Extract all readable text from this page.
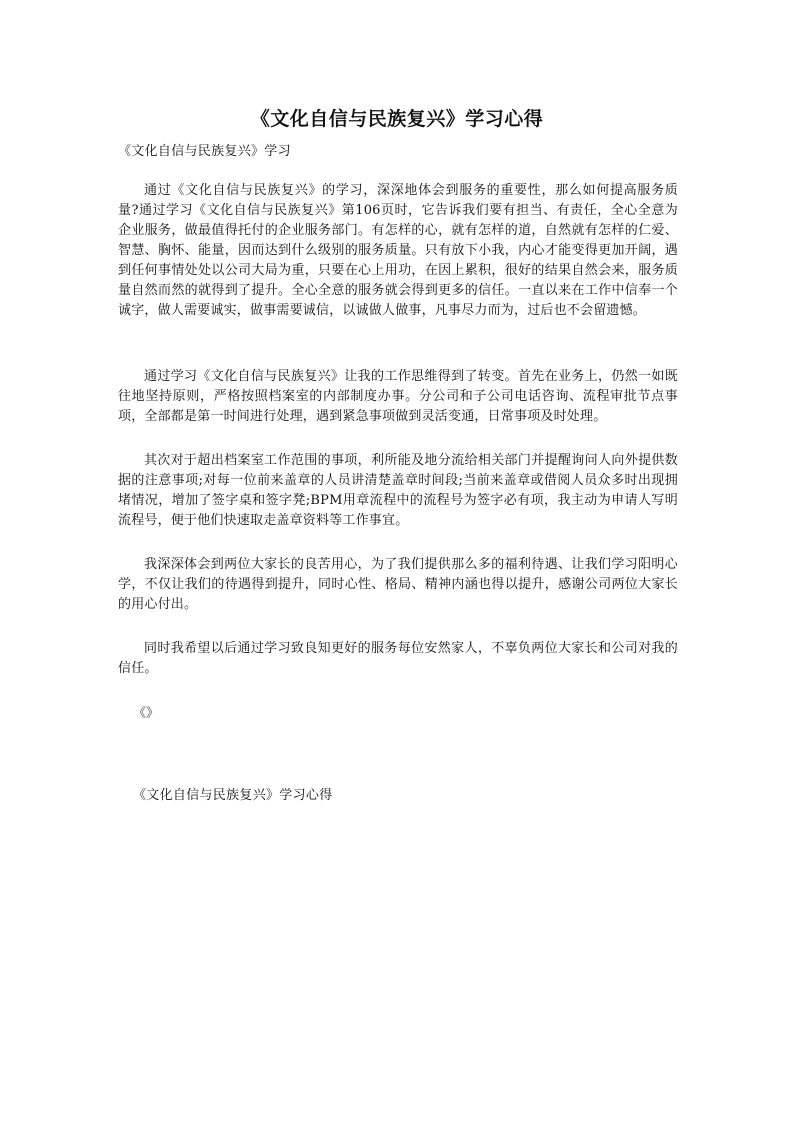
《文化自信与民族复兴》学习心得
《文化自信与民族复兴》学习

通过《文化自信与民族复兴》的学习，深深地体会到服务的重要性，那么如何提高服务质量?通过学习《文化自信与民族复兴》第106页时，它告诉我们要有担当、有责任，全心全意为企业服务，做最值得托付的企业服务部门。有怎样的心，就有怎样的道，自然就有怎样的仁爱、智慧、胸怀、能量，因而达到什么级别的服务质量。只有放下小我，内心才能变得更加开阔，遇到任何事情处处以公司大局为重，只要在心上用功，在因上累积，很好的结果自然会来，服务质量自然而然的就得到了提升。全心全意的服务就会得到更多的信任。一直以来在工作中信奉一个诚字，做人需要诚实，做事需要诚信，以诚做人做事，凡事尽力而为，过后也不会留遗憾。

通过学习《文化自信与民族复兴》让我的工作思维得到了转变。首先在业务上，仍然一如既往地坚持原则，严格按照档案室的内部制度办事。分公司和子公司电话咨询、流程审批节点事项，全部都是第一时间进行处理，遇到紧急事项做到灵活变通，日常事项及时处理。

其次对于超出档案室工作范围的事项，利所能及地分流给相关部门并提醒询问人向外提供数据的注意事项;对每一位前来盖章的人员讲清楚盖章时间段;当前来盖章或借阅人员众多时出现拥堵情况，增加了签字桌和签字凳;BPM用章流程中的流程号为签字必有项，我主动为申请人写明流程号，便于他们快速取走盖章资料等工作事宜。

我深深体会到两位大家长的良苦用心，为了我们提供那么多的福利待遇、让我们学习阳明心学，不仅让我们的待遇得到提升，同时心性、格局、精神内涵也得以提升，感谢公司两位大家长的用心付出。

同时我希望以后通过学习致良知更好的服务每位安然家人，不辜负两位大家长和公司对我的信任。

《》
《文化自信与民族复兴》学习心得
